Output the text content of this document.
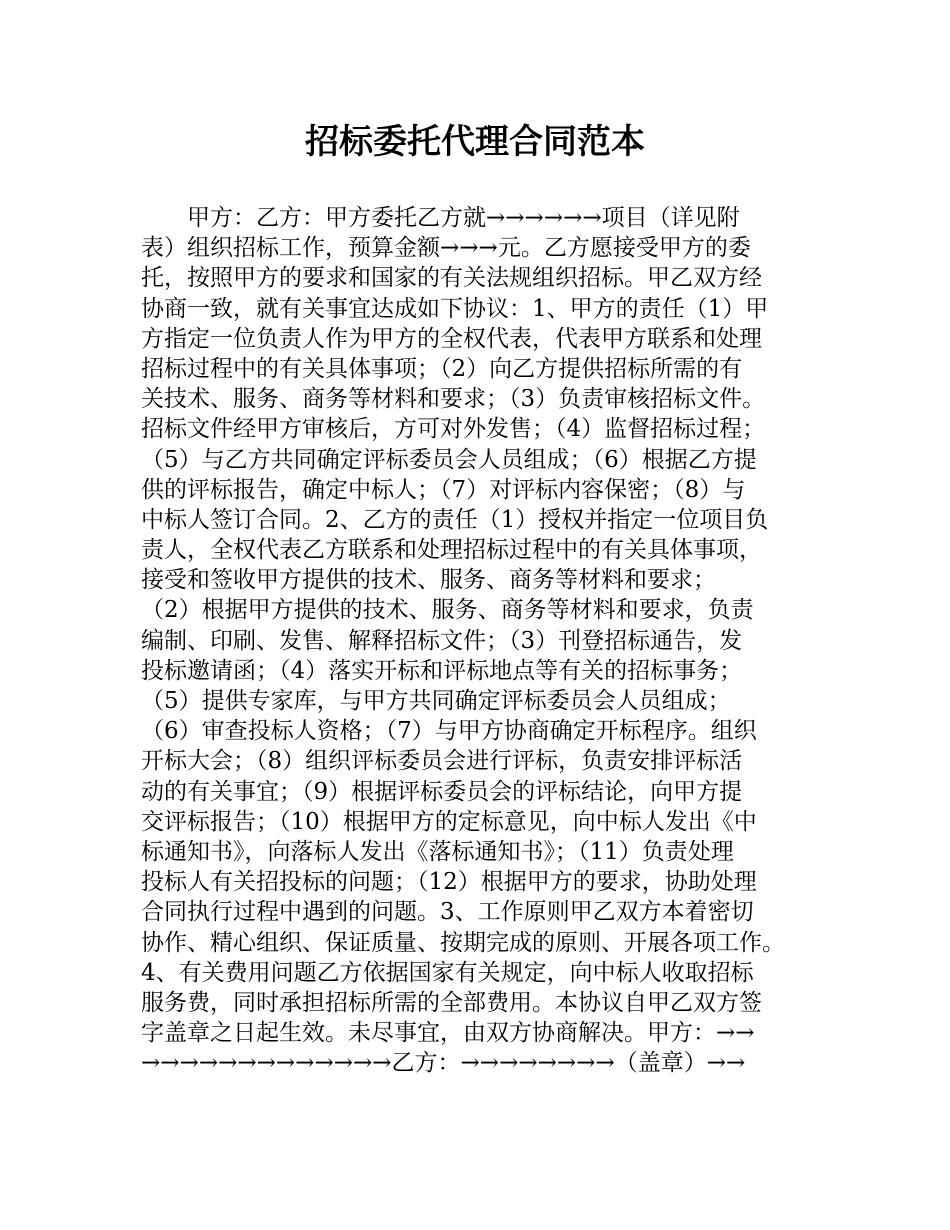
招标委托代理合同范本
甲方：乙方：甲方委托乙方就→→→→→→项目（详见附
表）组织招标工作，预算金额→→→元。乙方愿接受甲方的委
托，按照甲方的要求和国家的有关法规组织招标。甲乙双方经
协商一致，就有关事宜达成如下协议：1、甲方的责任（1）甲
方指定一位负责人作为甲方的全权代表，代表甲方联系和处理
招标过程中的有关具体事项；（2）向乙方提供招标所需的有
关技术、服务、商务等材料和要求；（3）负责审核招标文件。
招标文件经甲方审核后，方可对外发售；（4）监督招标过程；
（5）与乙方共同确定评标委员会人员组成；（6）根据乙方提
供的评标报告，确定中标人；（7）对评标内容保密；（8）与
中标人签订合同。2、乙方的责任（1）授权并指定一位项目负
责人，全权代表乙方联系和处理招标过程中的有关具体事项，
接受和签收甲方提供的技术、服务、商务等材料和要求；
（2）根据甲方提供的技术、服务、商务等材料和要求，负责
编制、印刷、发售、解释招标文件；（3）刊登招标通告，发
投标邀请函；（4）落实开标和评标地点等有关的招标事务；
（5）提供专家库，与甲方共同确定评标委员会人员组成；
（6）审查投标人资格；（7）与甲方协商确定开标程序。组织
开标大会；（8）组织评标委员会进行评标，负责安排评标活
动的有关事宜；（9）根据评标委员会的评标结论，向甲方提
交评标报告；（10）根据甲方的定标意见，向中标人发出《中
标通知书》，向落标人发出《落标通知书》；（11）负责处理
投标人有关招投标的问题；（12）根据甲方的要求，协助处理
合同执行过程中遇到的问题。3、工作原则甲乙双方本着密切
协作、精心组织、保证质量、按期完成的原则、开展各项工作。
4、有关费用问题乙方依据国家有关规定，向中标人收取招标
服务费，同时承担招标所需的全部费用。本协议自甲乙双方签
字盖章之日起生效。未尽事宜，由双方协商解决。甲方：→→
→→→→→→→→→→→→→乙方：→→→→→→→→（盖章）→→
